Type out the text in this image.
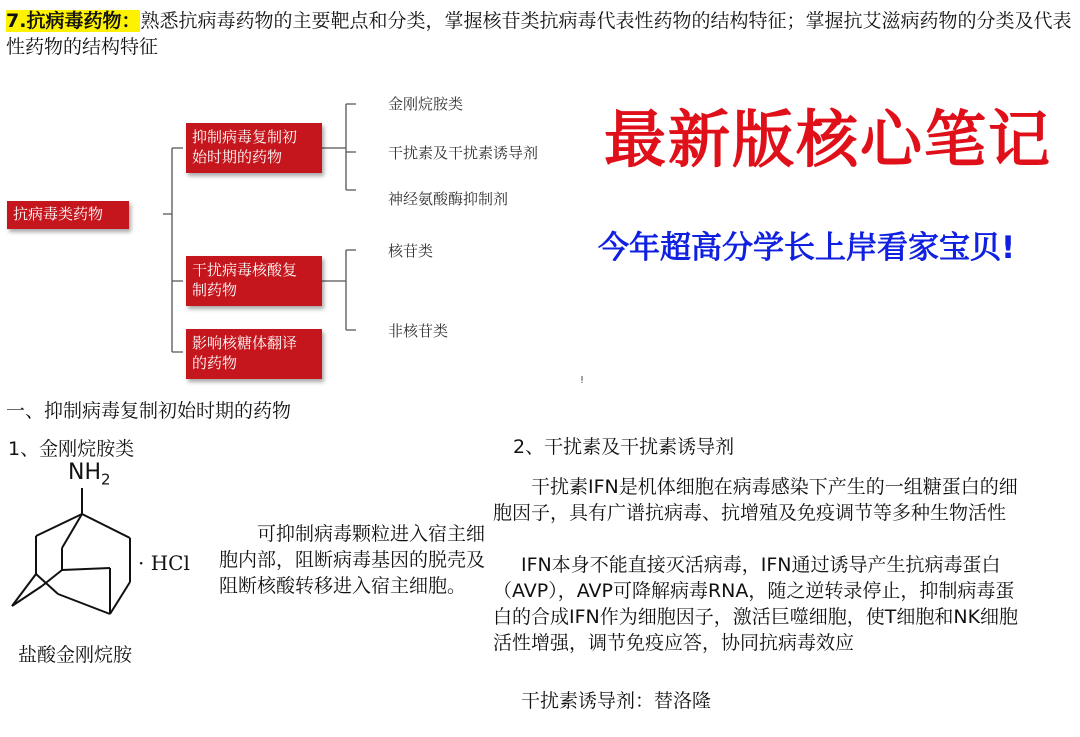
7.抗病毒药物：熟悉抗病毒药物的主要靶点和分类，掌握核苷类抗病毒代表性药物的结构特征；掌握抗艾滋病药物的分类及代表性药物的结构特征
抗病毒类药物
抑制病毒复制初
始时期的药物
干扰病毒核酸复
制药物
影响核糖体翻译
的药物
金刚烷胺类
干扰素及干扰素诱导剂
神经氨酸酶抑制剂
核苷类
非核苷类
最新版核心笔记
今年超高分学长上岸看家宝贝!
!
一、抑制病毒复制初始时期的药物
1、金刚烷胺类	2、干扰素及干扰素诱导剂
$NH_2$
· HCl
盐酸金刚烷胺
可抑制病毒颗粒进入宿主细胞内部，阻断病毒基因的脱壳及阻断核酸转移进入宿主细胞。
干扰素IFN是机体细胞在病毒感染下产生的一组糖蛋白的细胞因子，具有广谱抗病毒、抗增殖及免疫调节等多种生物活性
IFN本身不能直接灭活病毒，IFN通过诱导产生抗病毒蛋白（AVP），AVP可降解病毒RNA，随之逆转录停止，抑制病毒蛋白的合成IFN作为细胞因子，激活巨噬细胞，使T细胞和NK细胞活性增强，调节免疫应答，协同抗病毒效应
干扰素诱导剂：替洛隆
